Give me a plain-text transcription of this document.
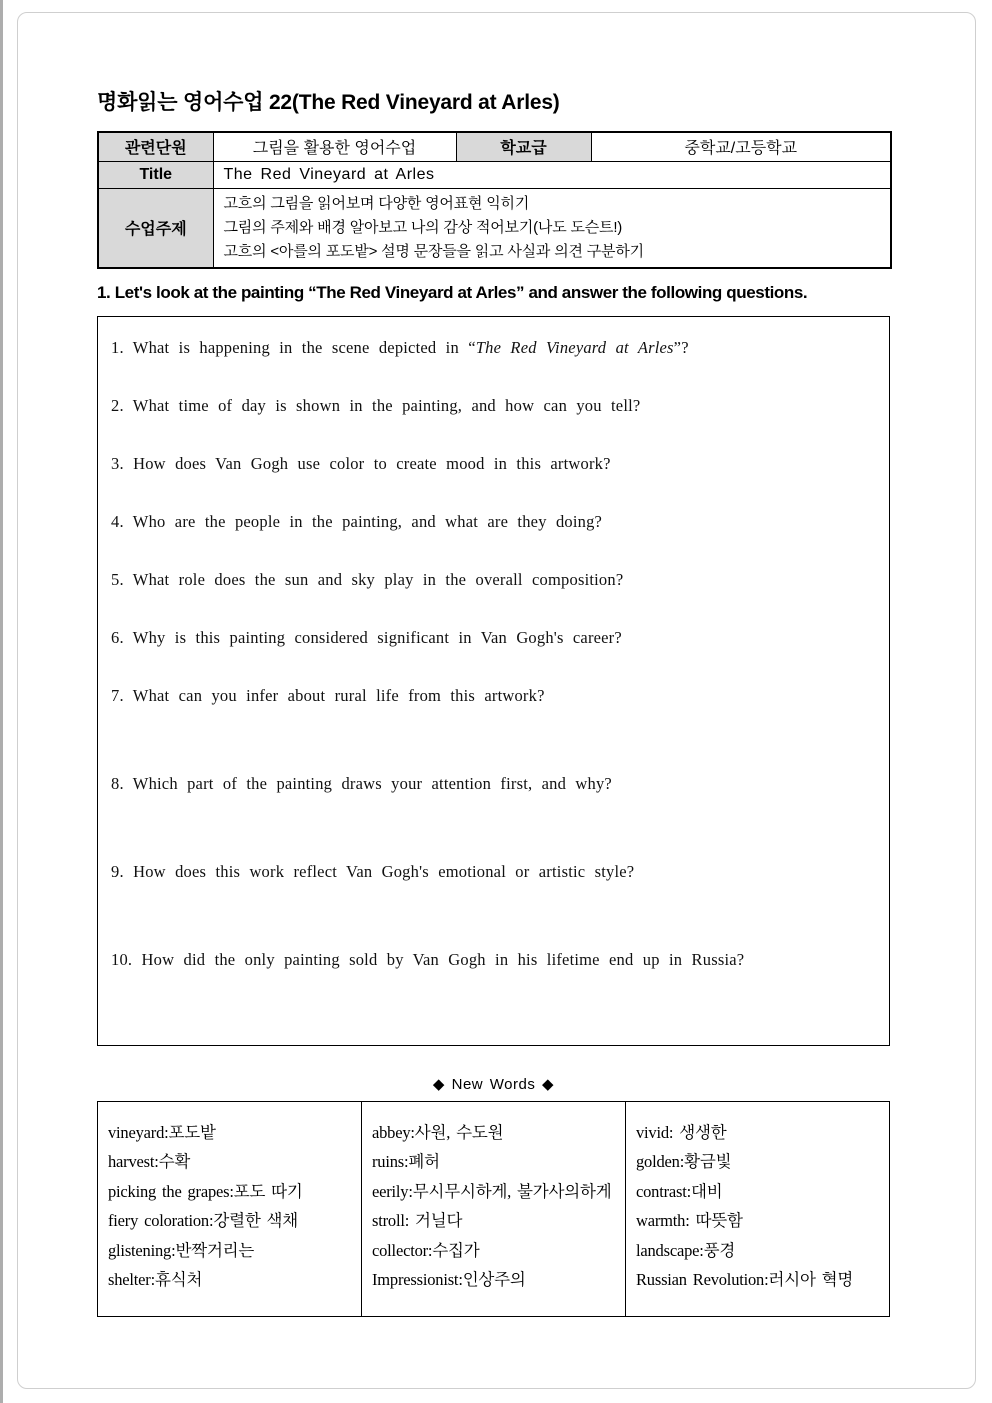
명화읽는 영어수업 22(The Red Vineyard at Arles)
관련단원	그림을 활용한 영어수업	학교급	중학교/고등학교
Title	The Red Vineyard at Arles		
수업주제	고흐의 그림을 읽어보며 다양한 영어표현 익히기
그림의 주제와 배경 알아보고 나의 감상 적어보기(나도 도슨트!)
고흐의 <아를의 포도밭> 설명 문장들을 읽고 사실과 의견 구분하기		
1. Let's look at the painting “The Red Vineyard at Arles” and answer the following questions.

1. What is happening in the scene depicted in “The Red Vineyard at Arles”?

2. What time of day is shown in the painting, and how can you tell?

3. How does Van Gogh use color to create mood in this artwork?

4. Who are the people in the painting, and what are they doing?

5. What role does the sun and sky play in the overall composition?

6. Why is this painting considered significant in Van Gogh's career?

7. What can you infer about rural life from this artwork?

8. Which part of the painting draws your attention first, and why?

9. How does this work reflect Van Gogh's emotional or artistic style?

10. How did the only painting sold by Van Gogh in his lifetime end up in Russia?

◆ New Words ◆
vineyard:포도밭
harvest:수확
picking the grapes:포도 따기
fiery coloration:강렬한 색채
glistening:반짝거리는
shelter:휴식처

abbey:사원, 수도원
ruins:폐허
eerily:무시무시하게, 불가사의하게
stroll: 거닐다
collector:수집가
Impressionist:인상주의

vivid: 생생한
golden:황금빛
contrast:대비
warmth: 따뜻함
landscape:풍경
Russian Revolution:러시아 혁명
